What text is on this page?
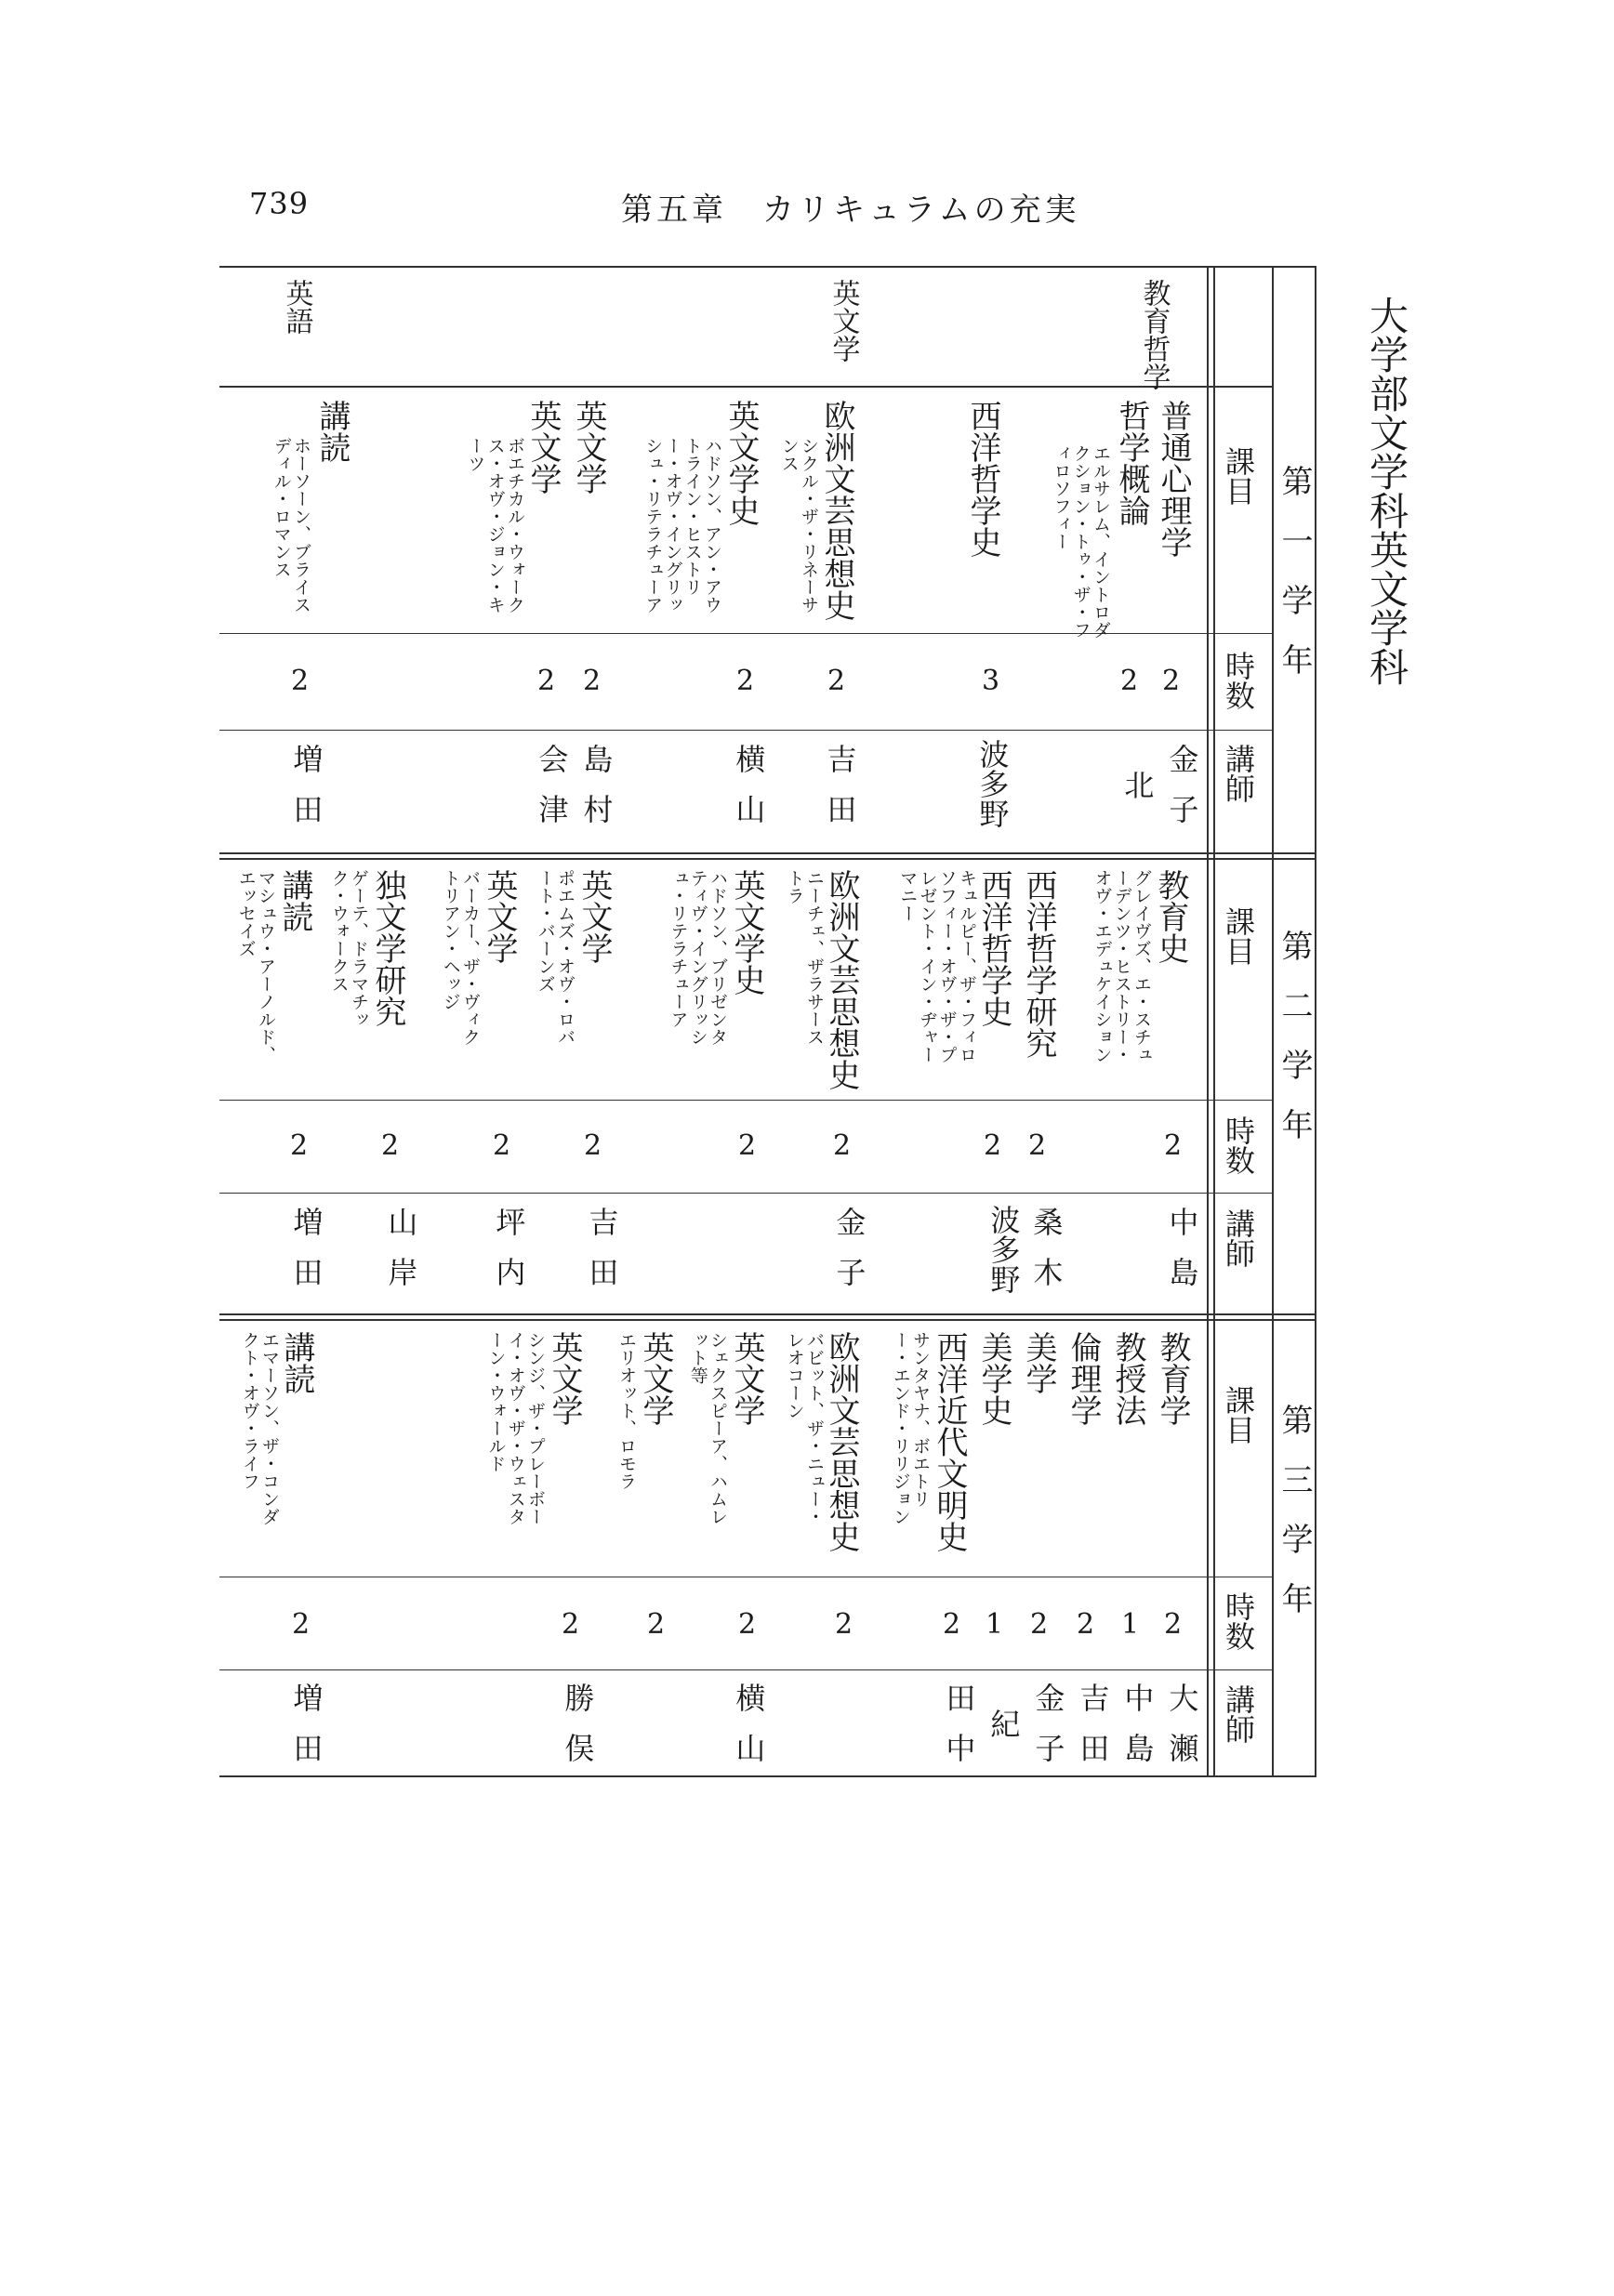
739	第五章　カリキュラムの充実
大学部文学科英文学科
教育哲学
英文学
英語
課目
時数
講師
課目
時数
講師
課目
時数
講師
第一学年
第二学年
第三学年
普通心理学
哲学概論
エルサレム、イントロダクション・トゥ・ザ・フィロソフィー
西洋哲学史
欧洲文芸思想史
シクル・ザ・リネーサンス
英文学史
ハドソン、アン・アウトライン・ヒストリー・オヴ・イングリッシュ・リテラチューア
英文学
英文学
ボエチカル・ウォークス・オヴ・ジョン・キーツ
講読
ホーソーン、ブライスディル・ロマンス
2
2
3
2
2
2
2
2
金子
北
波多野
吉田
横山
島村
会津
増田
教育史
グレイヴズ、エ・スチューデンツ・ヒストリー・オヴ・エデュケイション
西洋哲学研究
西洋哲学史
キュルピー、ザ・フィロソフィー・オヴ・ザ・プレゼント・イン・ヂャーマニー
欧洲文芸思想史
ニーチェ、ザラサーストラ
英文学史
ハドソン、ブリゼンタティヴ・イングリッシュ・リテラチューア
英文学
ポエムズ・オヴ・ロバート・バーンズ
英文学
バーカー、ザ・ヴィクトリアン・ヘッジ
独文学研究
ゲーテ、ドラマチック・ウォークス
講読
マシュウ・アーノルド、エッセイズ
2
2
2
2
2
2
2
2
2
中島
桑木
波多野
金子
吉田
坪内
山岸
増田
教育学
教授法
倫理学
美学
美学史
西洋近代文明史
サンタヤナ、ボエトリー・エンド・リリジョン
欧洲文芸思想史
バビット、ザ・ニュー・レオコーン
英文学
シェクスピーア、ハムレット等
英文学
エリオット、ロモラ
英文学
シンジ、ザ・プレーボーイ・オヴ・ザ・ウェスターン・ウォールド
講読
エマーソン、ザ・コンダクト・オヴ・ライフ
2
1
2
2
1
2
2
2
2
2
2
大瀬
中島
吉田
金子
紀
田中
横山
勝俣
増田
